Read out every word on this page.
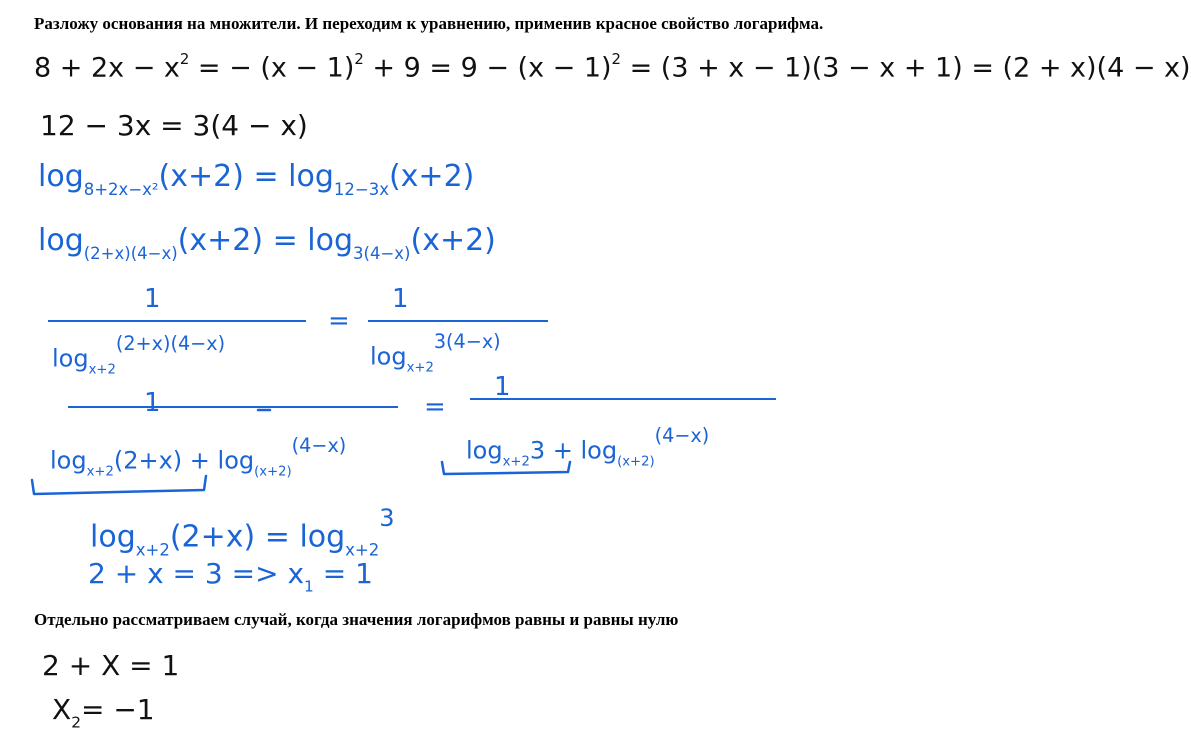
Разложу основания на множители. И переходим к уравнению, применив красное свойство логарифма.
$8 + 2x - x^2$ = − $(x - 1)^2 + 9 = 9 - (x - 1)^2 = (3 + x - 1)(3 - x + 1) = (2 + x)(4 - x)$
12 − 3x = 3(4 − x)
$\log_{8+2x-x^2}(x+2) = \log_{12-3x}(x+2)$
$\log_{(2+x)(4-x)}(x+2) = \log_{3(4-x)}(x+2)$
1
$\log_{x+2}^{(2+x)(4-x)}$
=
1
$\log_{x+2}^{3(4-x)}$
1
$\log_{x+2}(2+x) + \log_{(x+2)}^{(4-x)}$
=
1
$\log_{x+2}3 + \log_{(x+2)}^{(4-x)}$
$\log_{x+2}(2+x) = \log_{x+2}^3$
$2 + x = 3 => x_1 = 1$
Отдельно рассматриваем случай, когда значения логарифмов равны и равны нулю
2 + X = 1
$X_2= -1$
